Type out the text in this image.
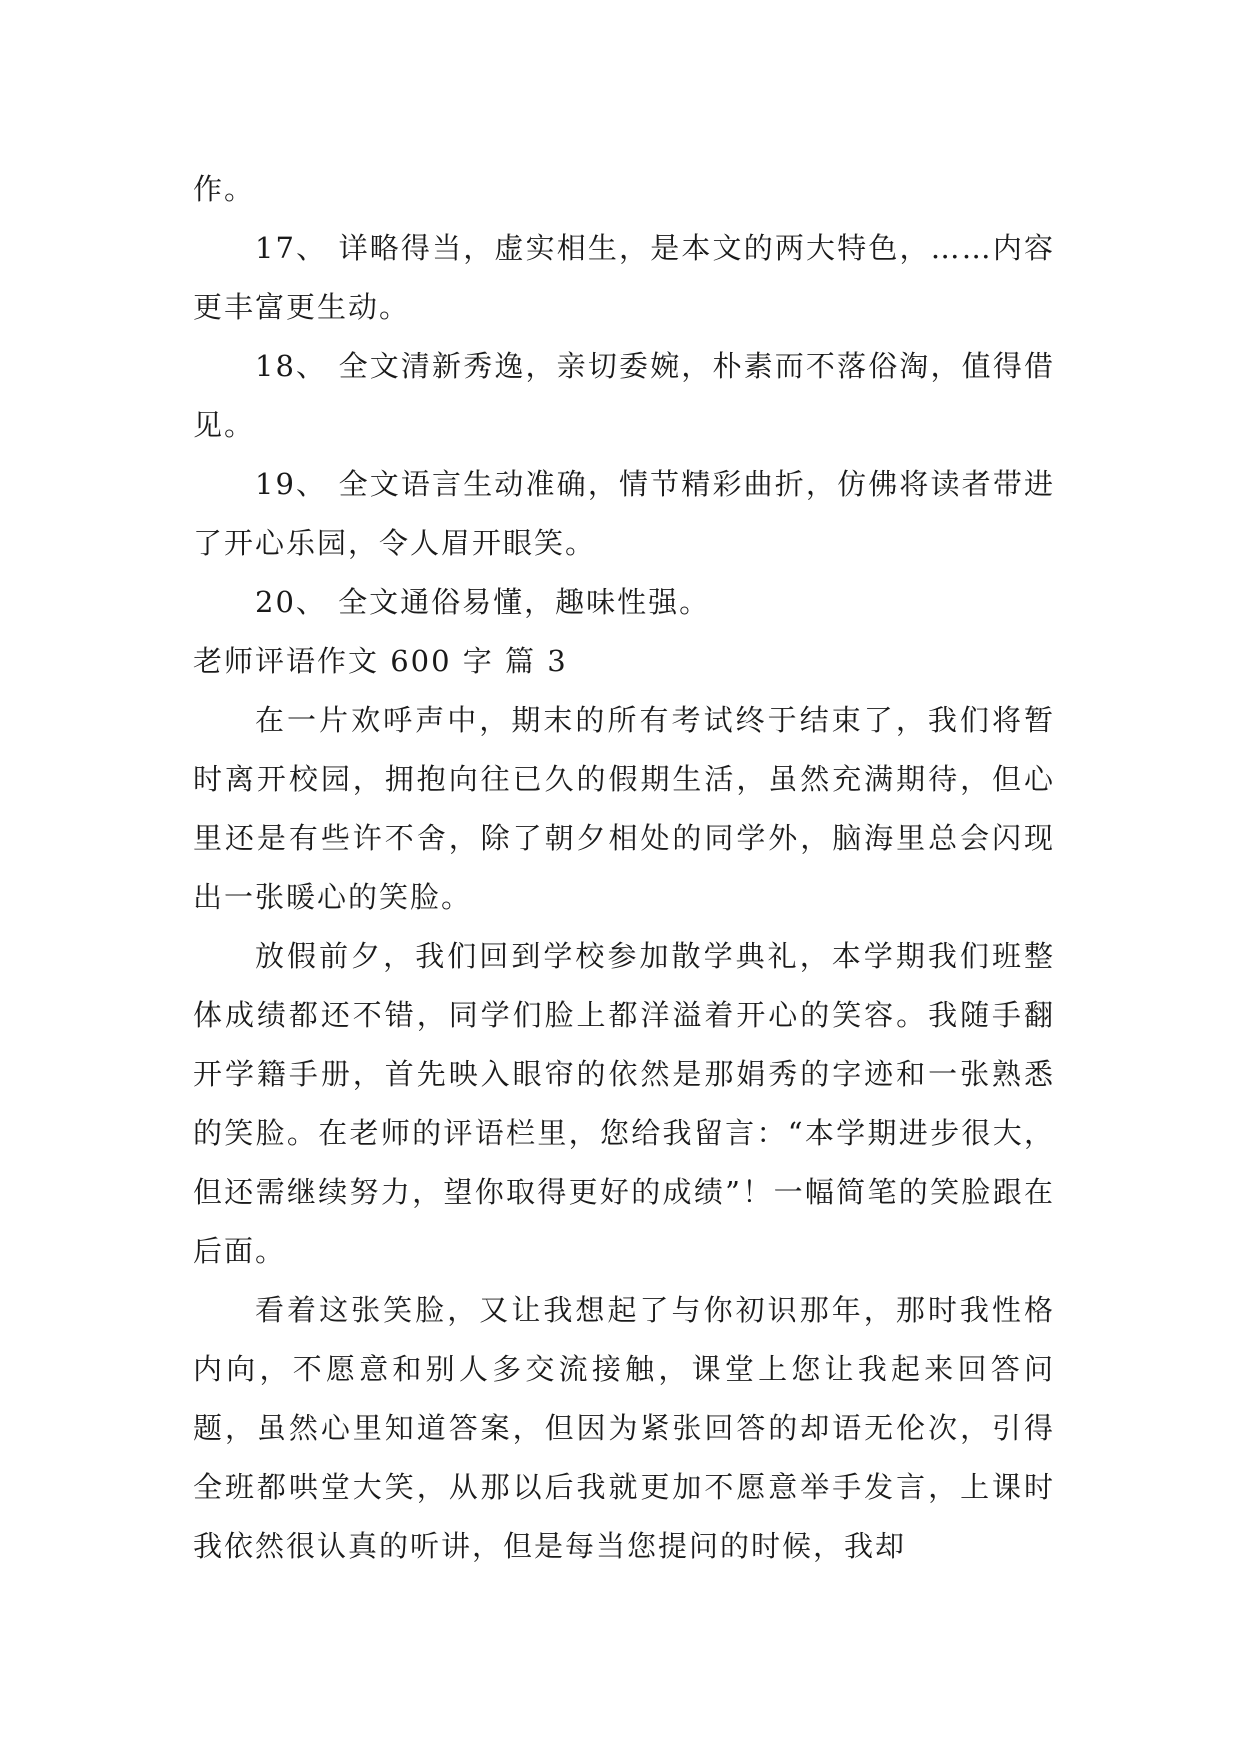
作。

17、 详略得当，虚实相生，是本文的两大特色，……内容更丰富更生动。

18、 全文清新秀逸，亲切委婉，朴素而不落俗淘，值得借见。

19、 全文语言生动准确，情节精彩曲折，仿佛将读者带进了开心乐园，令人眉开眼笑。

20、 全文通俗易懂，趣味性强。

老师评语作文 600 字 篇 3

在一片欢呼声中，期末的所有考试终于结束了，我们将暂时离开校园，拥抱向往已久的假期生活，虽然充满期待，但心里还是有些许不舍，除了朝夕相处的同学外，脑海里总会闪现出一张暖心的笑脸。

放假前夕，我们回到学校参加散学典礼，本学期我们班整体成绩都还不错，同学们脸上都洋溢着开心的笑容。我随手翻开学籍手册，首先映入眼帘的依然是那娟秀的字迹和一张熟悉的笑脸。在老师的评语栏里，您给我留言：“本学期进步很大，但还需继续努力，望你取得更好的成绩”！一幅简笔的笑脸跟在后面。

看着这张笑脸，又让我想起了与你初识那年，那时我性格内向，不愿意和别人多交流接触，课堂上您让我起来回答问题，虽然心里知道答案，但因为紧张回答的却语无伦次，引得全班都哄堂大笑，从那以后我就更加不愿意举手发言，上课时我依然很认真的听讲，但是每当您提问的时候，我却
